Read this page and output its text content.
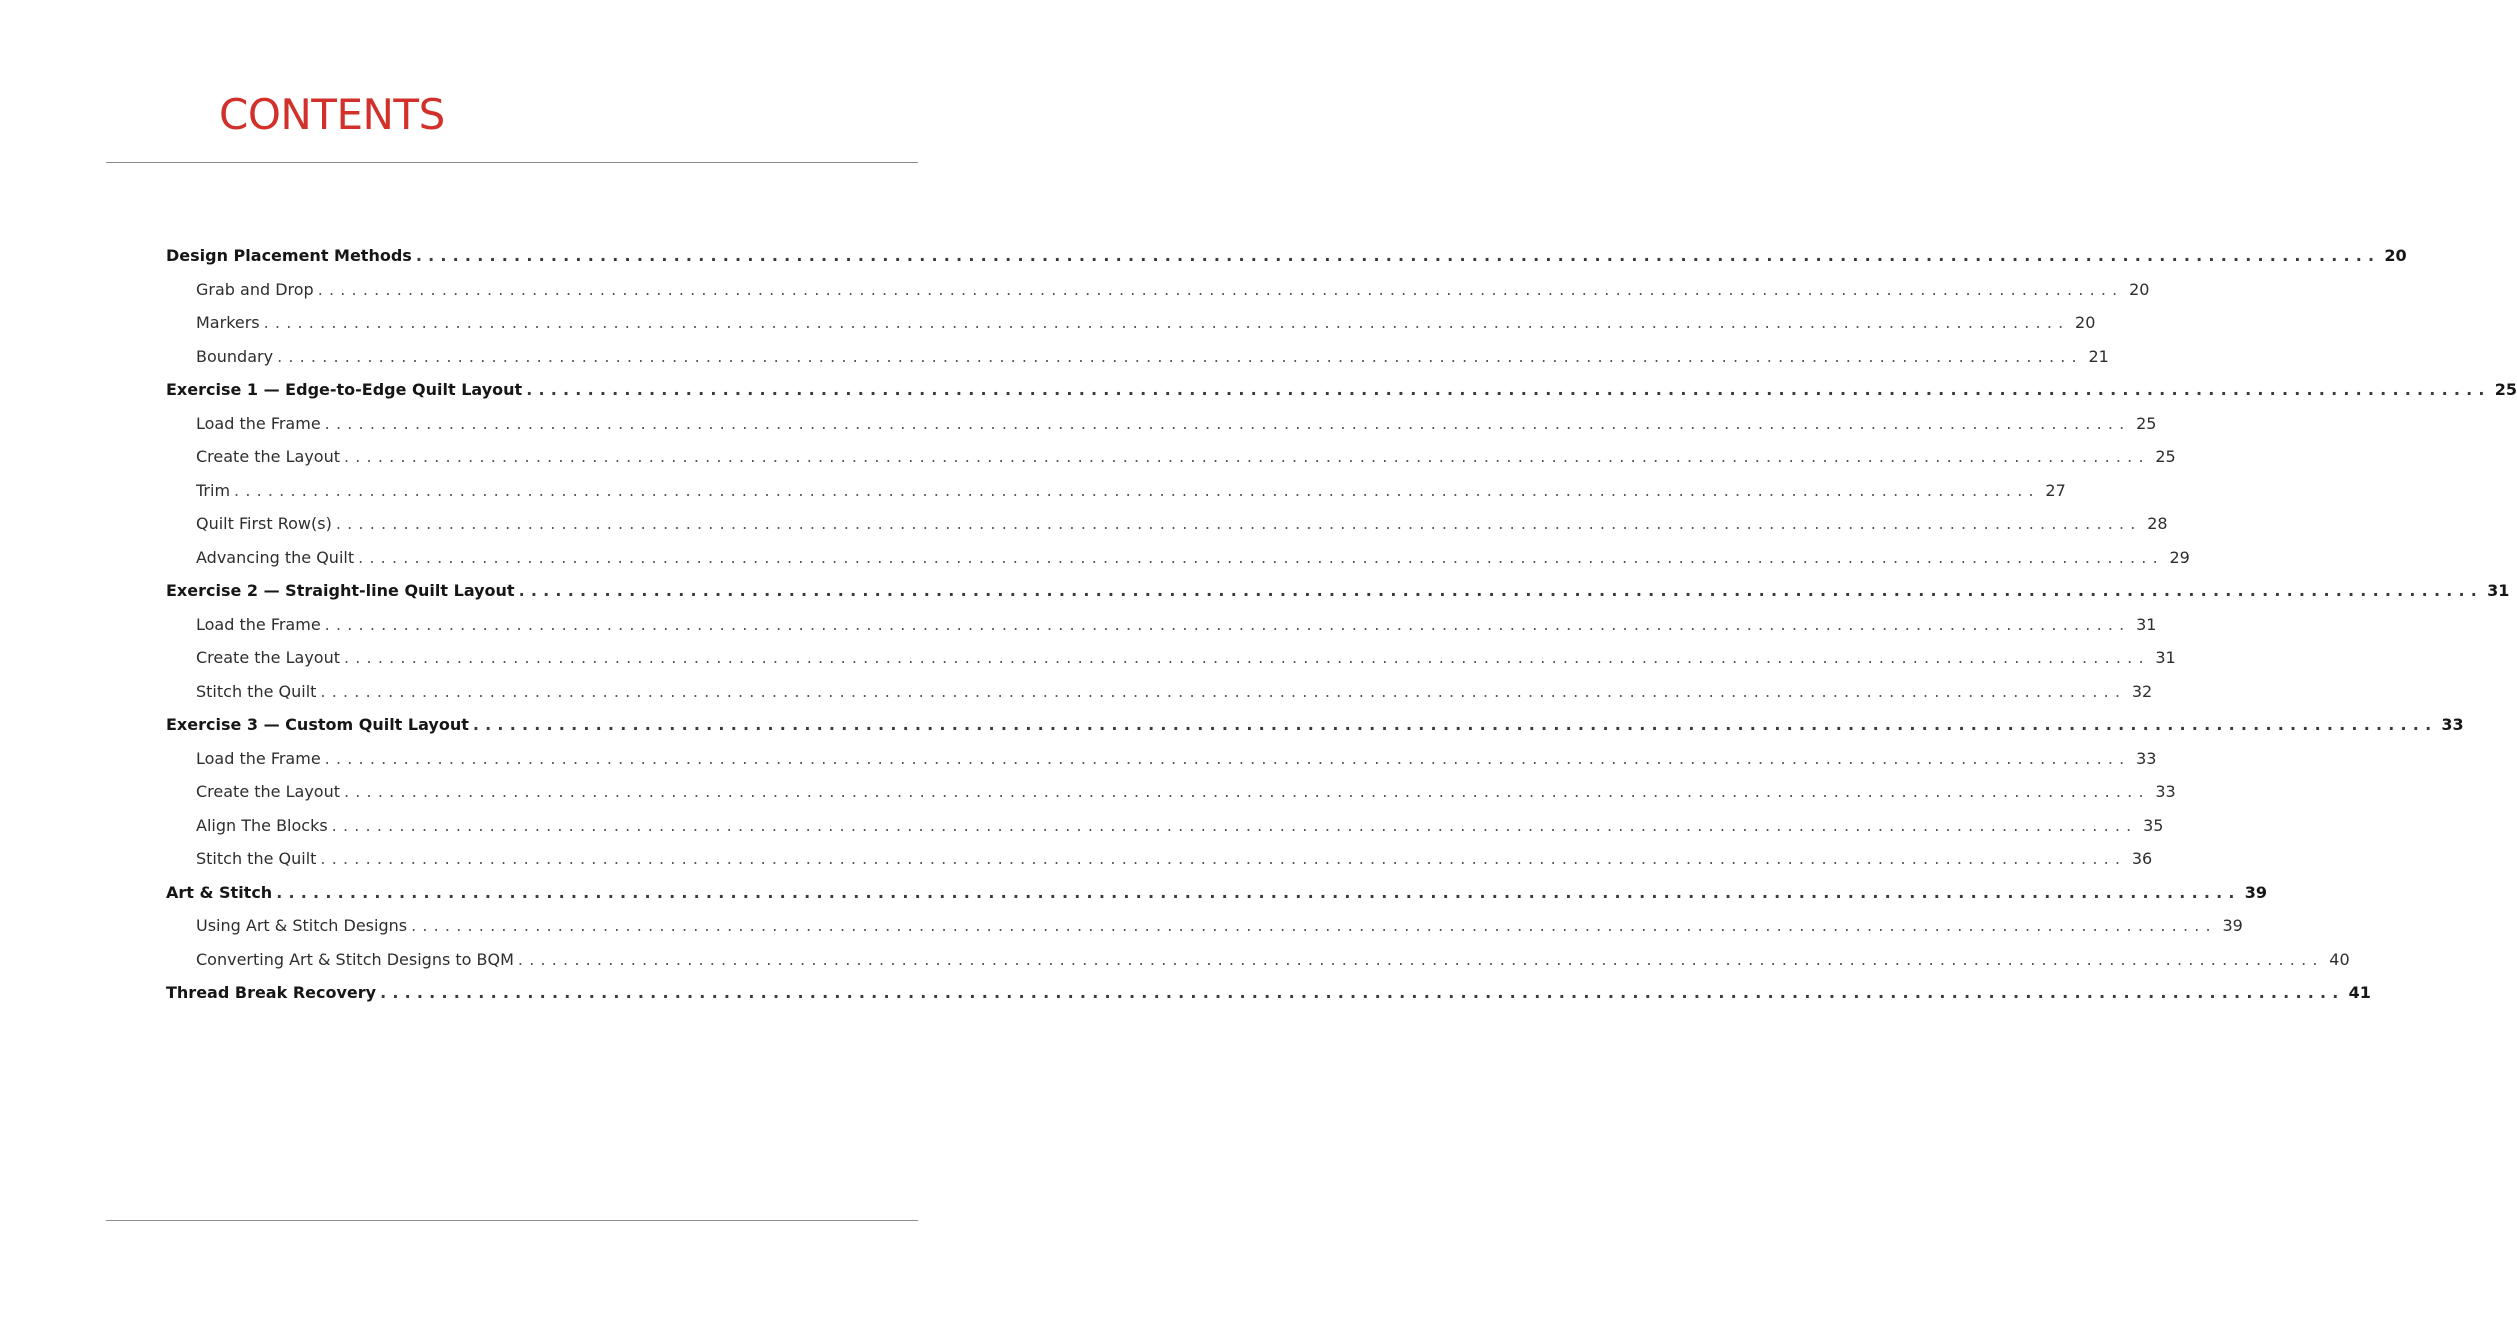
CONTENTS
Design Placement Methods ................................................................................................................................................................ 20
Grab and Drop ................................................................................................................................................................ 20
Markers ................................................................................................................................................................ 20
Boundary ................................................................................................................................................................ 21
Exercise 1 — Edge-to-Edge Quilt Layout ................................................................................................................................................................ 25
Load the Frame ................................................................................................................................................................ 25
Create the Layout ................................................................................................................................................................ 25
Trim ................................................................................................................................................................ 27
Quilt First Row(s) ................................................................................................................................................................ 28
Advancing the Quilt ................................................................................................................................................................ 29
Exercise 2 — Straight-line Quilt Layout ................................................................................................................................................................ 31
Load the Frame ................................................................................................................................................................ 31
Create the Layout ................................................................................................................................................................ 31
Stitch the Quilt ................................................................................................................................................................ 32
Exercise 3 — Custom Quilt Layout ................................................................................................................................................................ 33
Load the Frame ................................................................................................................................................................ 33
Create the Layout ................................................................................................................................................................ 33
Align The Blocks ................................................................................................................................................................ 35
Stitch the Quilt ................................................................................................................................................................ 36
Art & Stitch ................................................................................................................................................................ 39
Using Art & Stitch Designs ................................................................................................................................................................ 39
Converting Art & Stitch Designs to BQM ................................................................................................................................................................ 40
Thread Break Recovery ................................................................................................................................................................ 41
